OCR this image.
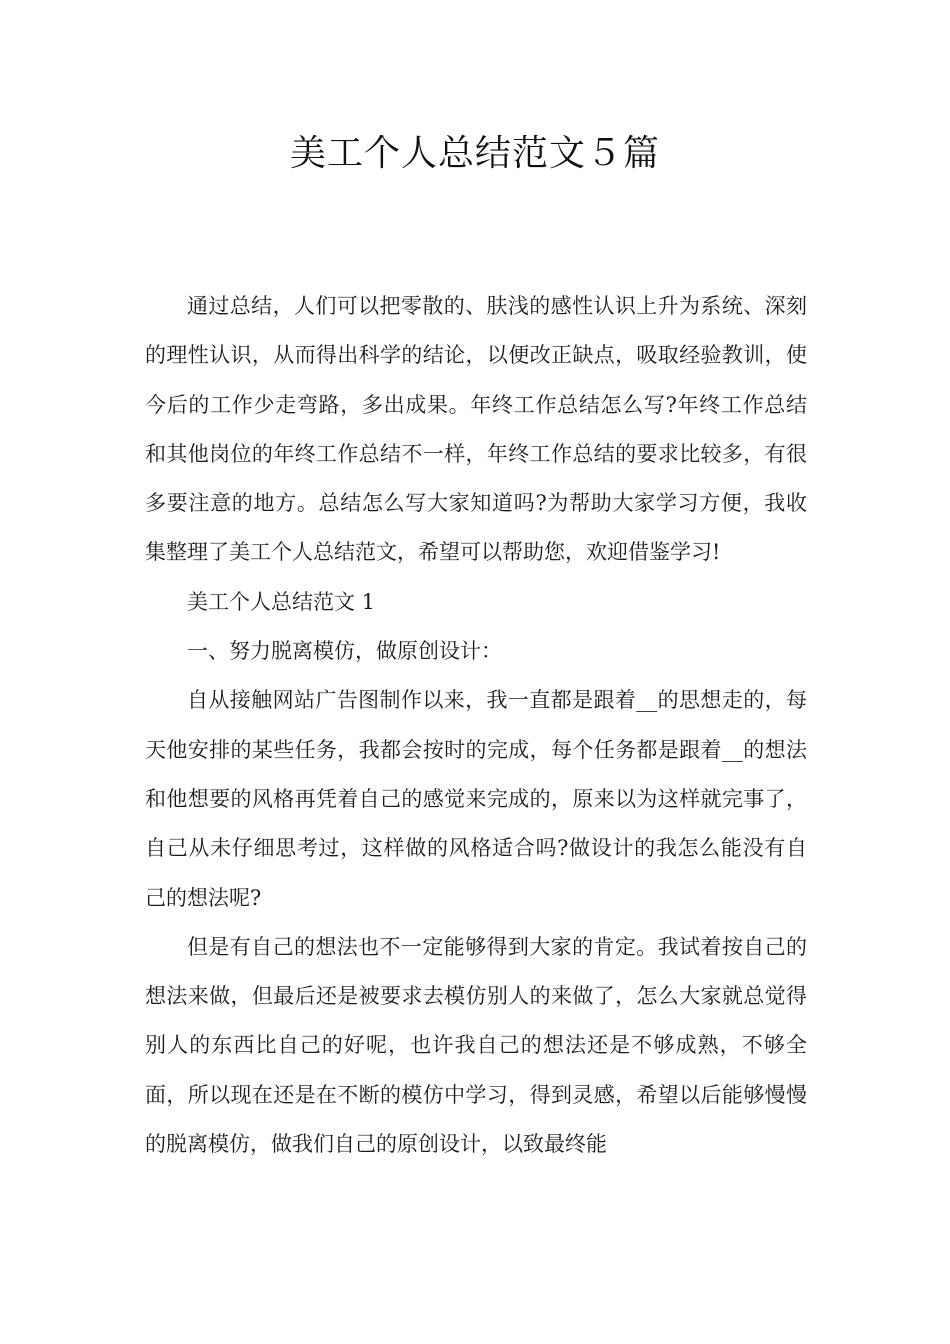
美工个人总结范文５篇

通过总结，人们可以把零散的、肤浅的感性认识上升为系统、深刻的理性认识，从而得出科学的结论，以便改正缺点，吸取经验教训，使今后的工作少走弯路，多出成果。年终工作总结怎么写?年终工作总结和其他岗位的年终工作总结不一样，年终工作总结的要求比较多，有很多要注意的地方。总结怎么写大家知道吗?为帮助大家学习方便，我收集整理了美工个人总结范文，希望可以帮助您，欢迎借鉴学习!

美工个人总结范文 1

一、努力脱离模仿，做原创设计：

自从接触网站广告图制作以来，我一直都是跟着__的思想走的，每天他安排的某些任务，我都会按时的完成，每个任务都是跟着__的想法和他想要的风格再凭着自己的感觉来完成的，原来以为这样就完事了，自己从未仔细思考过，这样做的风格适合吗?做设计的我怎么能没有自己的想法呢?

但是有自己的想法也不一定能够得到大家的肯定。我试着按自己的想法来做，但最后还是被要求去模仿别人的来做了，怎么大家就总觉得别人的东西比自己的好呢，也许我自己的想法还是不够成熟，不够全面，所以现在还是在不断的模仿中学习，得到灵感，希望以后能够慢慢的脱离模仿，做我们自己的原创设计，以致最终能
